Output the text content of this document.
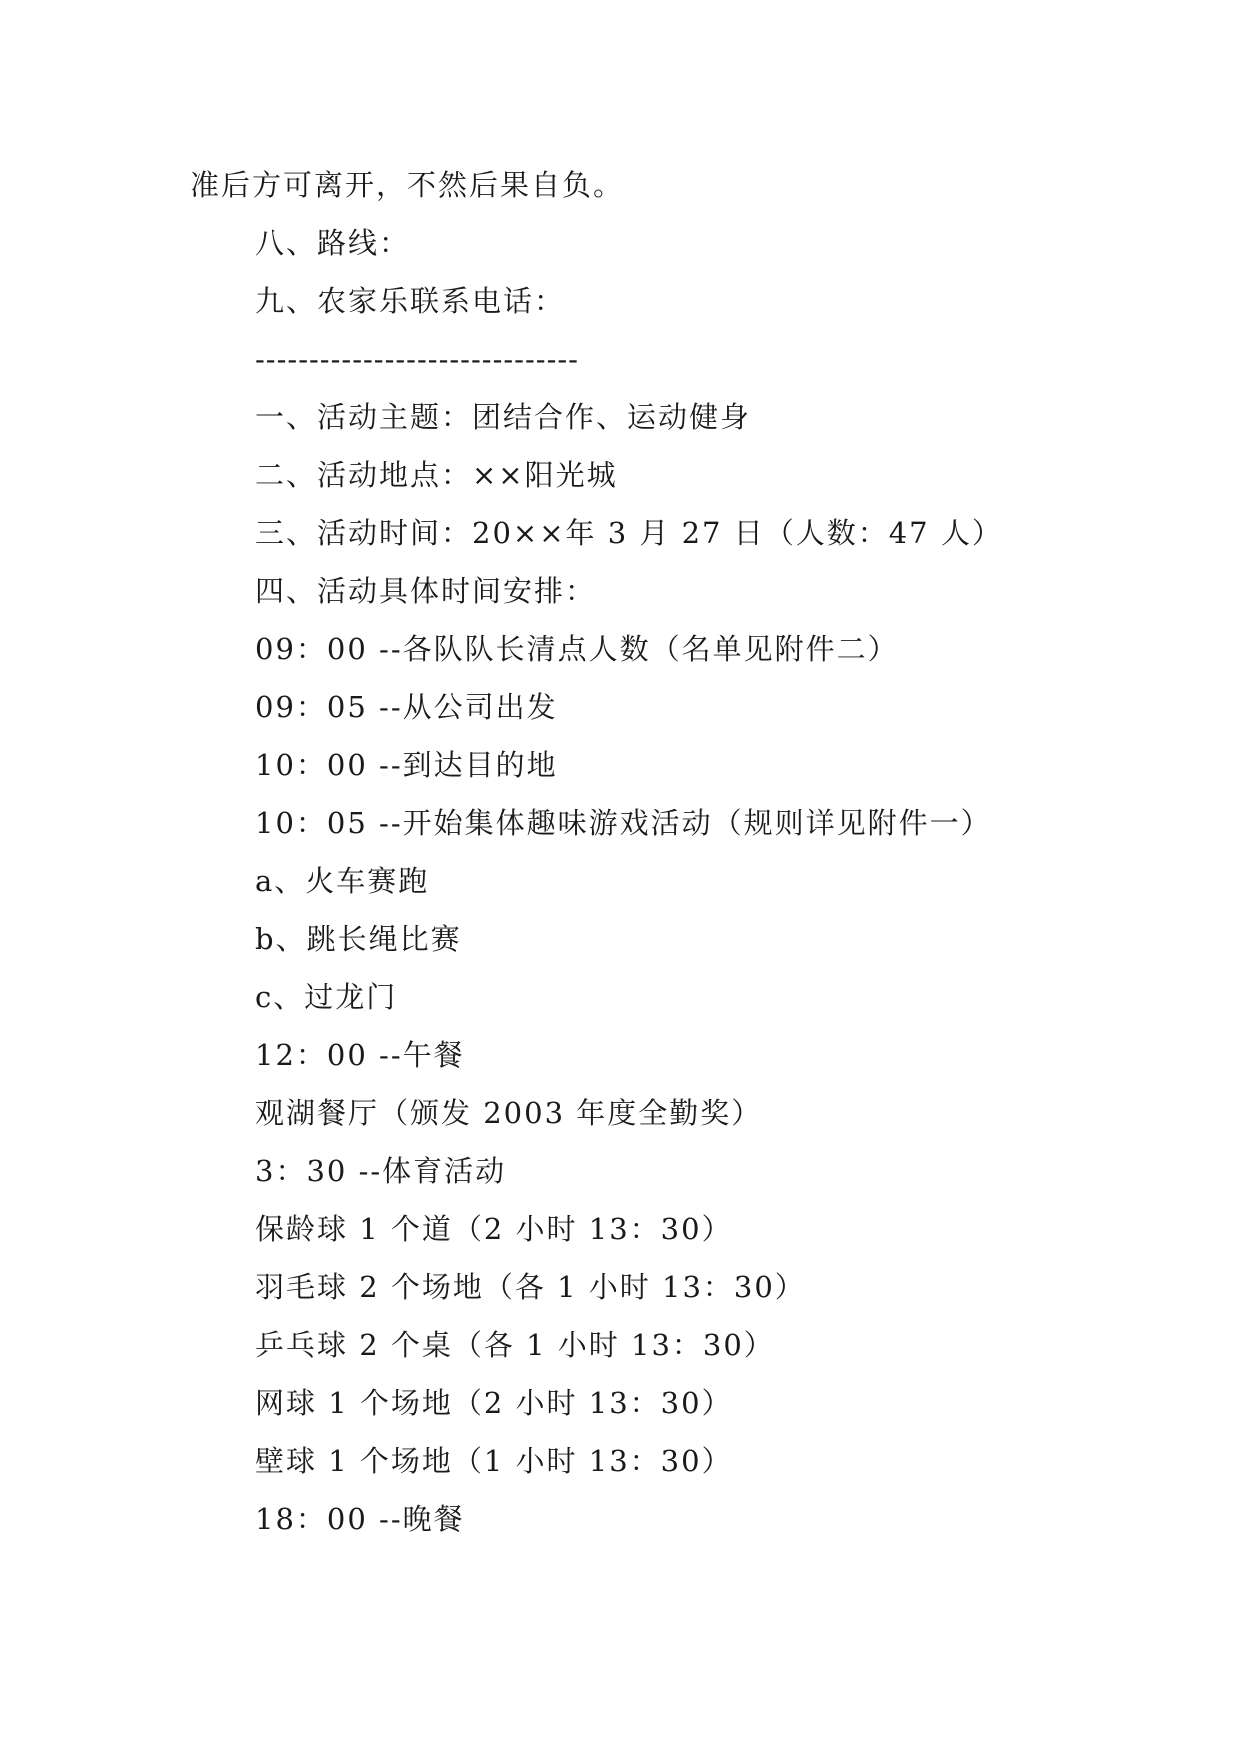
准后方可离开，不然后果自负。
八、路线：
九、农家乐联系电话：
------------------------------
一、活动主题：团结合作、运动健身
二、活动地点：××阳光城
三、活动时间：20××年 3 月 27 日（人数：47 人）
四、活动具体时间安排：
09：00 --各队队长清点人数（名单见附件二）
09：05 --从公司出发
10：00 --到达目的地
10：05 --开始集体趣味游戏活动（规则详见附件一）
a、火车赛跑
b、跳长绳比赛
c、过龙门
12：00 --午餐
观湖餐厅（颁发 2003 年度全勤奖）
3：30 --体育活动
保龄球 1 个道（2 小时 13：30）
羽毛球 2 个场地（各 1 小时 13：30）
乒乓球 2 个桌（各 1 小时 13：30）
网球 1 个场地（2 小时 13：30）
壁球 1 个场地（1 小时 13：30）
18：00 --晚餐
